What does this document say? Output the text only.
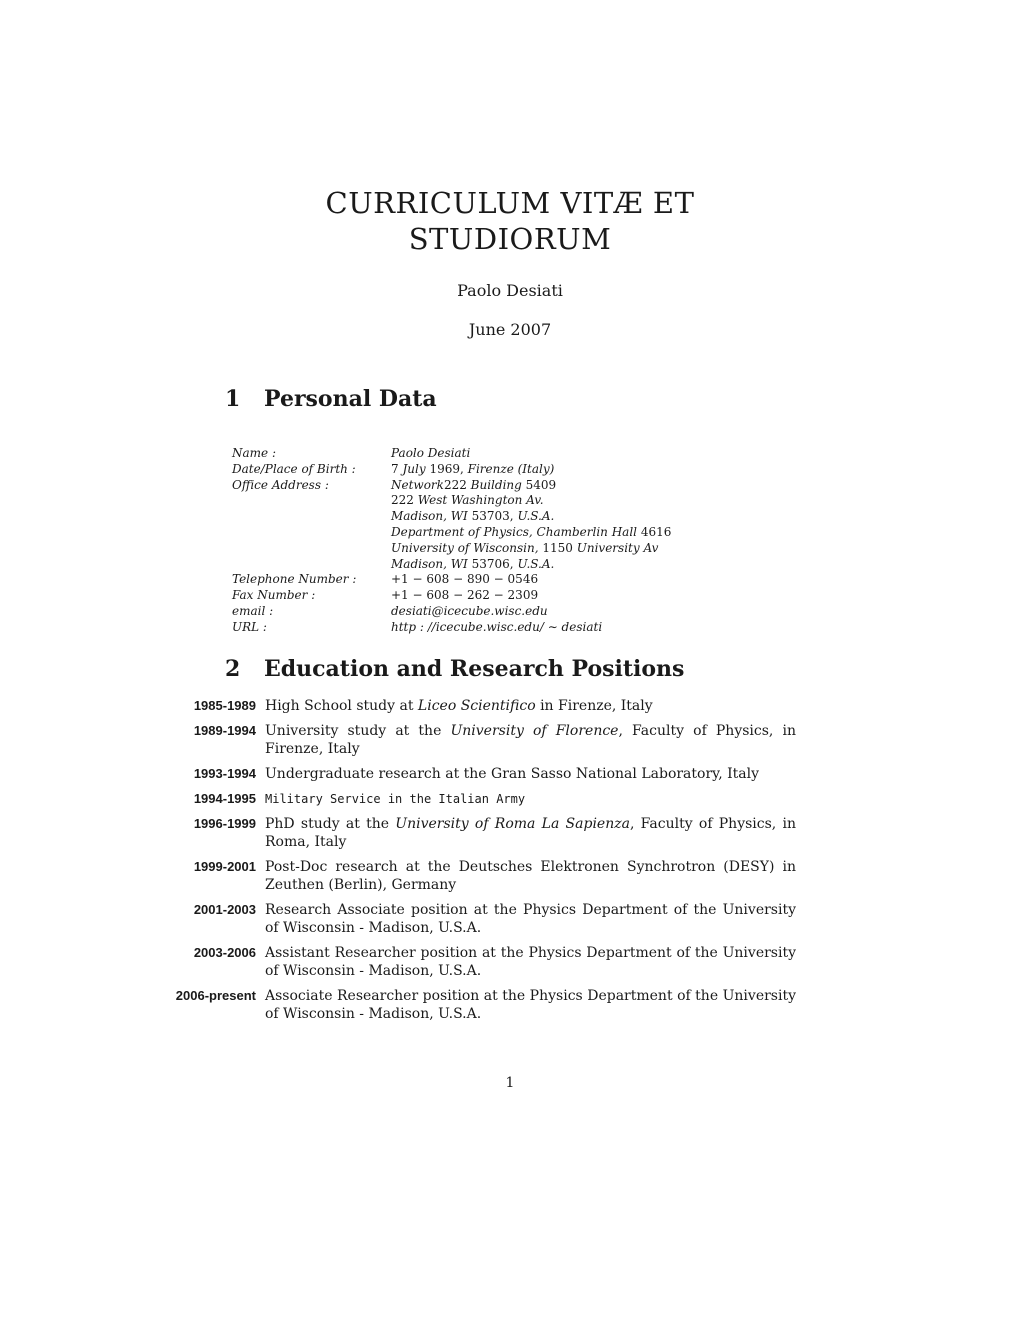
CURRICULUM VITÆ ET
STUDIORUM
Paolo Desiati
June 2007
1 Personal Data
Name :	Paolo Desiati
Date/Place of Birth :	7 July 1969, Firenze (Italy)
Office Address :	Network222 Building 5409
222 West Washington Av.
Madison, WI 53703, U.S.A.
Department of Physics, Chamberlin Hall 4616
University of Wisconsin, 1150 University Av
Madison, WI 53706, U.S.A.
Telephone Number :	+1 − 608 − 890 − 0546
Fax Number :	+1 − 608 − 262 − 2309
email :	desiati@icecube.wisc.edu
URL :	http : //icecube.wisc.edu/ ∼ desiati
2 Education and Research Positions
1985-1989 High School study at Liceo Scientifico in Firenze, Italy
1989-1994 University study at the University of Florence, Faculty of Physics, in Firenze, Italy
1993-1994 Undergraduate research at the Gran Sasso National Laboratory, Italy
1994-1995 Military Service in the Italian Army
1996-1999 PhD study at the University of Roma La Sapienza, Faculty of Physics, in Roma, Italy
1999-2001 Post-Doc research at the Deutsches Elektronen Synchrotron (DESY) in Zeuthen (Berlin), Germany
2001-2003 Research Associate position at the Physics Department of the University of Wisconsin - Madison, U.S.A.
2003-2006 Assistant Researcher position at the Physics Department of the University of Wisconsin - Madison, U.S.A.
2006-present Associate Researcher position at the Physics Department of the University of Wisconsin - Madison, U.S.A.
1
